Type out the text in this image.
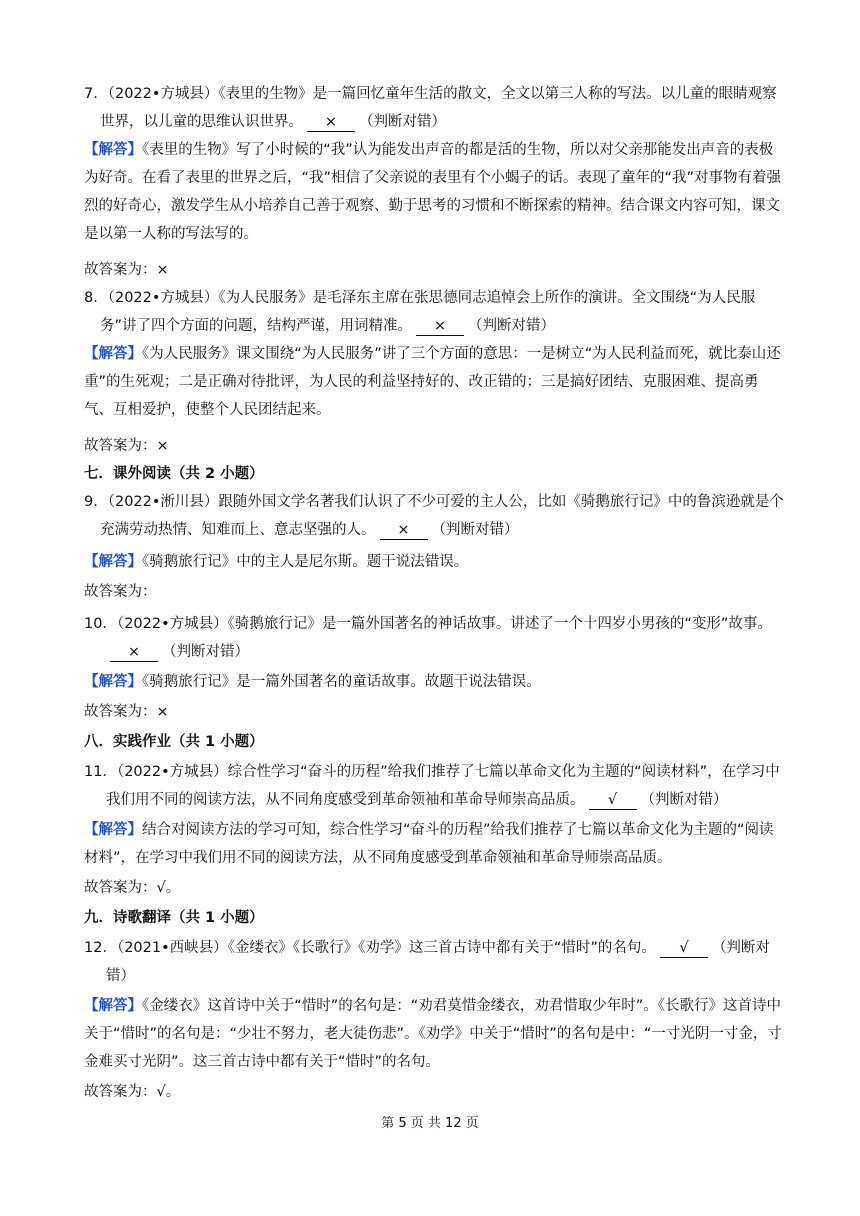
7．（2022•方城县）《表里的生物》是一篇回忆童年生活的散文，全文以第三人称的写法。以儿童的眼睛观察世界，以儿童的思维认识世界。 × （判断对错）

【解答】《表里的生物》写了小时候的“我”认为能发出声音的都是活的生物，所以对父亲那能发出声音的表极为好奇。在看了表里的世界之后，“我”相信了父亲说的表里有个小蝎子的话。表现了童年的“我”对事物有着强烈的好奇心，激发学生从小培养自己善于观察、勤于思考的习惯和不断探索的精神。结合课文内容可知，课文是以第一人称的写法写的。

故答案为：×

8．（2022•方城县）《为人民服务》是毛泽东主席在张思德同志追悼会上所作的演讲。全文围绕“为人民服务”讲了四个方面的问题，结构严谨，用词精准。 × （判断对错）

【解答】《为人民服务》课文围绕“为人民服务”讲了三个方面的意思：一是树立“为人民利益而死，就比泰山还重”的生死观；二是正确对待批评，为人民的利益坚持好的、改正错的；三是搞好团结、克服困难、提高勇气、互相爱护，使整个人民团结起来。

故答案为：×

七．课外阅读（共 2 小题）

9．（2022•淅川县）跟随外国文学名著我们认识了不少可爱的主人公，比如《骑鹅旅行记》中的鲁滨逊就是个充满劳动热情、知难而上、意志坚强的人。 × （判断对错）

【解答】《骑鹅旅行记》中的主人是尼尔斯。题干说法错误。

故答案为：

10．（2022•方城县）《骑鹅旅行记》是一篇外国著名的神话故事。讲述了一个十四岁小男孩的“变形”故事。× （判断对错）

【解答】《骑鹅旅行记》是一篇外国著名的童话故事。故题干说法错误。

故答案为：×

八．实践作业（共 1 小题）

11．（2022•方城县）综合性学习“奋斗的历程”给我们推荐了七篇以革命文化为主题的“阅读材料”，在学习中我们用不同的阅读方法，从不同角度感受到革命领袖和革命导师崇高品质。 √ （判断对错）

【解答】结合对阅读方法的学习可知，综合性学习“奋斗的历程”给我们推荐了七篇以革命文化为主题的“阅读材料”，在学习中我们用不同的阅读方法，从不同角度感受到革命领袖和革命导师崇高品质。

故答案为：√。

九．诗歌翻译（共 1 小题）

12．（2021•西峡县）《金缕衣》《长歌行》《劝学》这三首古诗中都有关于“惜时”的名句。 √ （判断对错）

【解答】《金缕衣》这首诗中关于“惜时”的名句是：“劝君莫惜金缕衣，劝君惜取少年时”。《长歌行》这首诗中关于“惜时”的名句是：“少壮不努力，老大徒伤悲”。《劝学》中关于“惜时”的名句是中：“一寸光阴一寸金，寸金难买寸光阴”。这三首古诗中都有关于“惜时”的名句。

故答案为：√。

第 5 页 共 12 页
